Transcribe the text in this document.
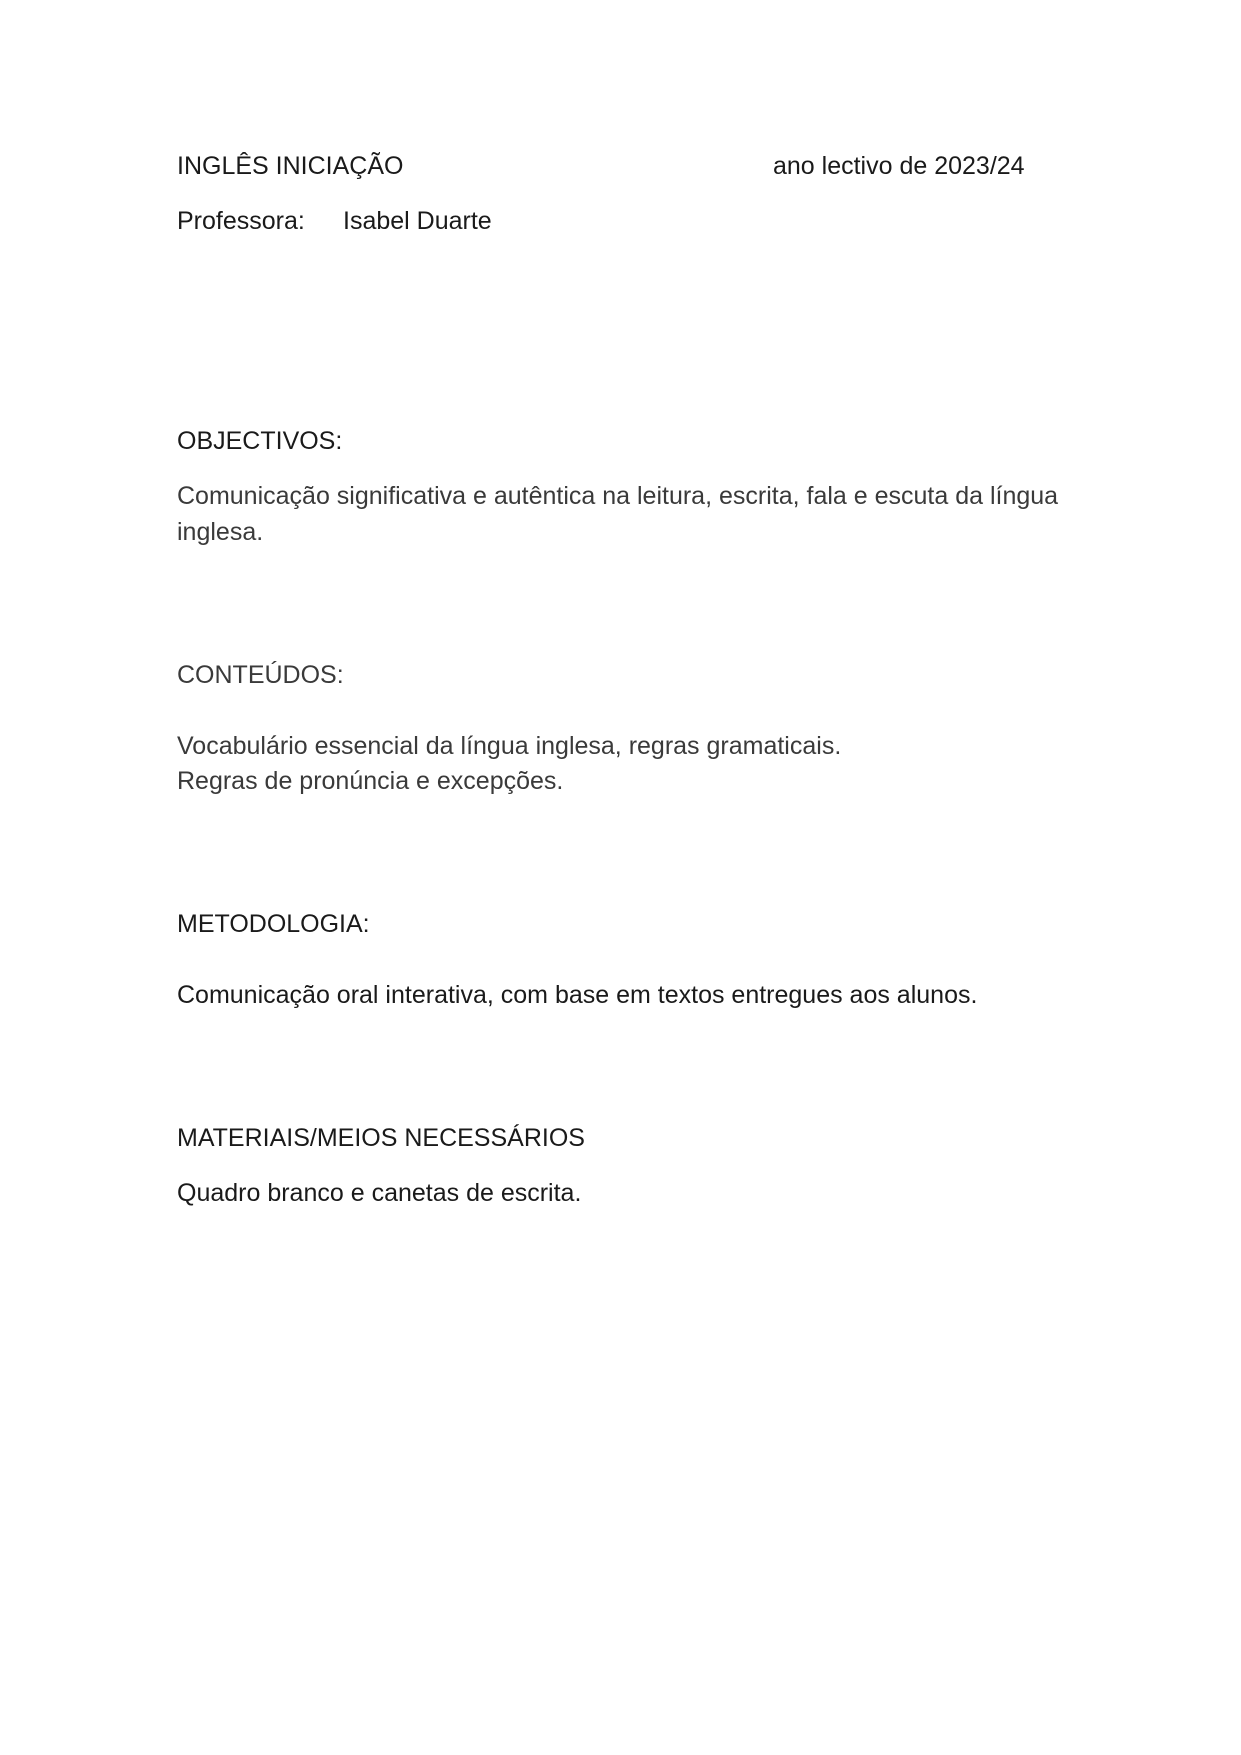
INGLÊS INICIAÇÃO	ano lectivo de 2023/24
Professora: Isabel Duarte
OBJECTIVOS:
Comunicação significativa e autêntica na leitura, escrita, fala e escuta da língua inglesa.
CONTEÚDOS:
Vocabulário essencial da língua inglesa, regras gramaticais.
Regras de pronúncia e excepções.
METODOLOGIA:
Comunicação oral interativa, com base em textos entregues aos alunos.
MATERIAIS/MEIOS NECESSÁRIOS
Quadro branco e canetas de escrita.
